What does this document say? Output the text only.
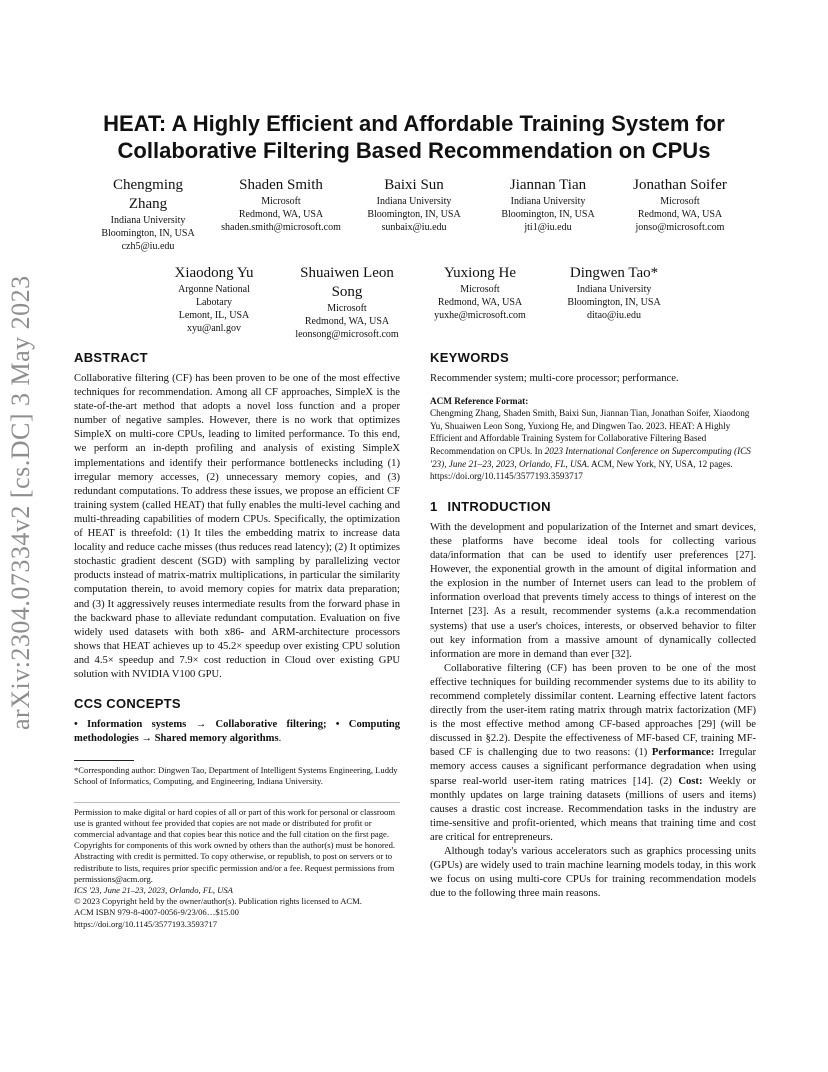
arXiv:2304.07334v2 [cs.DC] 3 May 2023
HEAT: A Highly Efficient and Affordable Training System for
Collaborative Filtering Based Recommendation on CPUs
Chengming
Zhang
Indiana University
Bloomington, IN, USA
czh5@iu.edu
Shaden Smith
Microsoft
Redmond, WA, USA
shaden.smith@microsoft.com
Baixi Sun
Indiana University
Bloomington, IN, USA
sunbaix@iu.edu
Jiannan Tian
Indiana University
Bloomington, IN, USA
jti1@iu.edu
Jonathan Soifer
Microsoft
Redmond, WA, USA
jonso@microsoft.com
Xiaodong Yu
Argonne National
Labotary
Lemont, IL, USA
xyu@anl.gov
Shuaiwen Leon
Song
Microsoft
Redmond, WA, USA
leonsong@microsoft.com
Yuxiong He
Microsoft
Redmond, WA, USA
yuxhe@microsoft.com
Dingwen Tao*
Indiana University
Bloomington, IN, USA
ditao@iu.edu
ABSTRACT

Collaborative filtering (CF) has been proven to be one of the most effective techniques for recommendation. Among all CF approaches, SimpleX is the state-of-the-art method that adopts a novel loss function and a proper number of negative samples. However, there is no work that optimizes SimpleX on multi-core CPUs, leading to limited performance. To this end, we perform an in-depth profiling and analysis of existing SimpleX implementations and identify their performance bottlenecks including (1) irregular memory accesses, (2) unnecessary memory copies, and (3) redundant computations. To address these issues, we propose an efficient CF training system (called HEAT) that fully enables the multi-level caching and multi-threading capabilities of modern CPUs. Specifically, the optimization of HEAT is threefold: (1) It tiles the embedding matrix to increase data locality and reduce cache misses (thus reduces read latency); (2) It optimizes stochastic gradient descent (SGD) with sampling by parallelizing vector products instead of matrix-matrix multiplications, in particular the similarity computation therein, to avoid memory copies for matrix data preparation; and (3) It aggressively reuses intermediate results from the forward phase in the backward phase to alleviate redundant computation. Evaluation on five widely used datasets with both x86- and ARM-architecture processors shows that HEAT achieves up to 45.2× speedup over existing CPU solution and 4.5× speedup and 7.9× cost reduction in Cloud over existing GPU solution with NVIDIA V100 GPU.

CCS CONCEPTS

• Information systems → Collaborative filtering; • Computing methodologies → Shared memory algorithms.

*Corresponding author: Dingwen Tao, Department of Intelligent Systems Engineering, Luddy School of Informatics, Computing, and Engineering, Indiana University.

Permission to make digital or hard copies of all or part of this work for personal or classroom use is granted without fee provided that copies are not made or distributed for profit or commercial advantage and that copies bear this notice and the full citation on the first page. Copyrights for components of this work owned by others than the author(s) must be honored. Abstracting with credit is permitted. To copy otherwise, or republish, to post on servers or to redistribute to lists, requires prior specific permission and/or a fee. Request permissions from permissions@acm.org.

ICS '23, June 21–23, 2023, Orlando, FL, USA

© 2023 Copyright held by the owner/author(s). Publication rights licensed to ACM.

ACM ISBN 979-8-4007-0056-9/23/06…$15.00

https://doi.org/10.1145/3577193.3593717

KEYWORDS

Recommender system; multi-core processor; performance.

ACM Reference Format:

Chengming Zhang, Shaden Smith, Baixi Sun, Jiannan Tian, Jonathan Soifer, Xiaodong Yu, Shuaiwen Leon Song, Yuxiong He, and Dingwen Tao. 2023. HEAT: A Highly Efficient and Affordable Training System for Collaborative Filtering Based Recommendation on CPUs. In 2023 International Conference on Supercomputing (ICS '23), June 21–23, 2023, Orlando, FL, USA. ACM, New York, NY, USA, 12 pages. https://doi.org/10.1145/3577193.3593717

1 INTRODUCTION

With the development and popularization of the Internet and smart devices, these platforms have become ideal tools for collecting various data/information that can be used to identify user preferences [27]. However, the exponential growth in the amount of digital information and the explosion in the number of Internet users can lead to the problem of information overload that prevents timely access to things of interest on the Internet [23]. As a result, recommender systems (a.k.a recommendation systems) that use a user's choices, interests, or observed behavior to filter out key information from a massive amount of dynamically collected information are more in demand than ever [32].

Collaborative filtering (CF) has been proven to be one of the most effective techniques for building recommender systems due to its ability to recommend completely dissimilar content. Learning effective latent factors directly from the user-item rating matrix through matrix factorization (MF) is the most effective method among CF-based approaches [29] (will be discussed in §2.2). Despite the effectiveness of MF-based CF, training MF-based CF is challenging due to two reasons: (1) Performance: Irregular memory access causes a significant performance degradation when using sparse real-world user-item rating matrices [14]. (2) Cost: Weekly or monthly updates on large training datasets (millions of users and items) causes a drastic cost increase. Recommendation tasks in the industry are time-sensitive and profit-oriented, which means that training time and cost are critical for entrepreneurs.

Although today's various accelerators such as graphics processing units (GPUs) are widely used to train machine learning models today, in this work we focus on using multi-core CPUs for training recommendation models due to the following three main reasons.
